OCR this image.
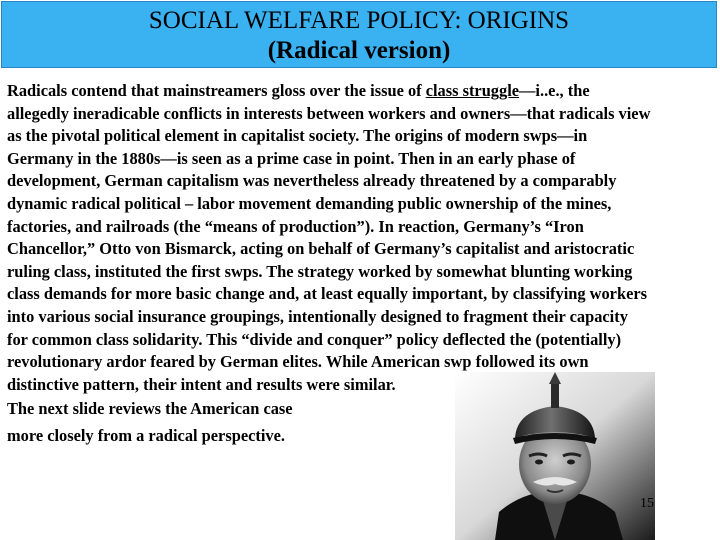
SOCIAL WELFARE POLICY: ORIGINS
(Radical version)
Radicals contend that mainstreamers gloss over the issue of class struggle—i..e., the
allegedly ineradicable conflicts in interests between workers and owners—that radicals view
as the pivotal political element in capitalist society. The origins of modern swps—in
Germany in the 1880s—is seen as a prime case in point. Then in an early phase of
development, German capitalism was nevertheless already threatened by a comparably
dynamic radical political – labor movement demanding public ownership of the mines,
factories, and railroads (the “means of production”). In reaction, Germany’s “Iron
Chancellor,” Otto von Bismarck, acting on behalf of Germany’s capitalist and aristocratic
ruling class, instituted the first swps. The strategy worked by somewhat blunting working
class demands for more basic change and, at least equally important, by classifying workers
into various social insurance groupings, intentionally designed to fragment their capacity
for common class solidarity. This “divide and conquer” policy deflected the (potentially)
revolutionary ardor feared by German elites. While American swp followed its own
distinctive pattern, their intent and results were similar.
The next slide reviews the American case
more closely from a radical perspective.
15
